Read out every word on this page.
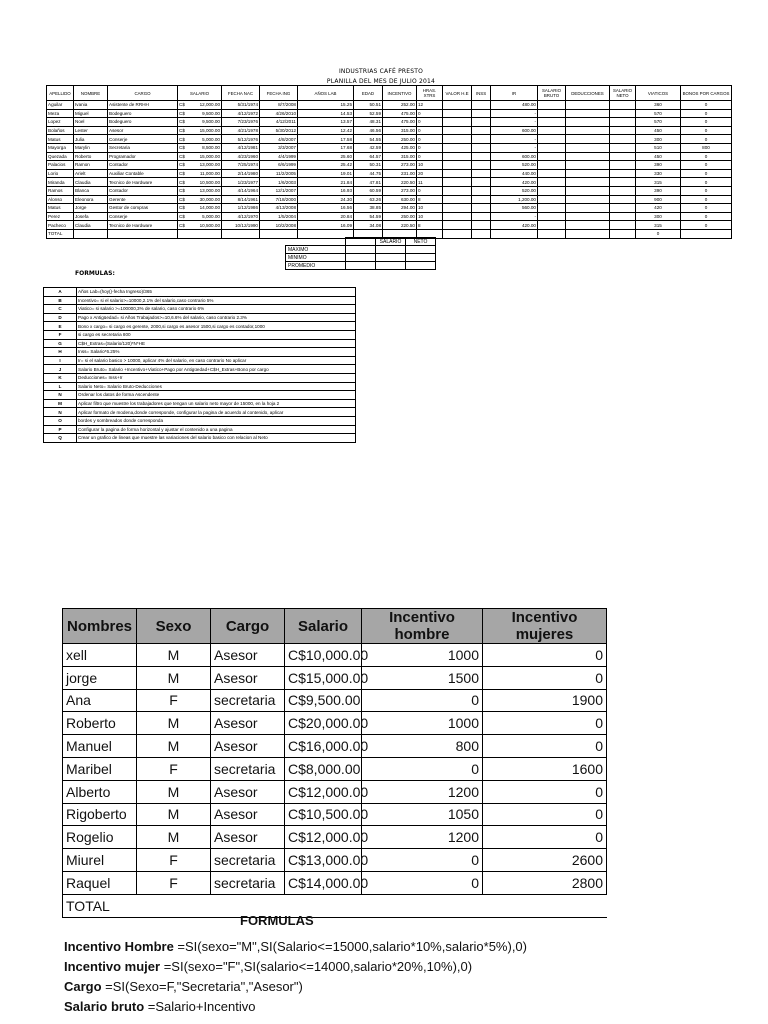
INDUSTRIAS CAFÉ PRESTO
PLANILLA DEL MES DE JULIO 2014
APELLIDO	NOMBRE	CARGO	SALARIO	FECHA NAC	FECHA ING	AÑOS LAB	EDAD	INCENTIVO	HRAS. XTRS	VALOR H.E	INSS	IR	SALARIO BRUTO	DEDUCCIONES	SALARIO NETO	VIATICOS	BONOS POR CARGOS
Aguilar	Ivania	Asistente de RRHH	C$ 12,000.00	5/31/1974	8/7/2008	15.25	50.51	252.00	12			480.00				360	0
Meza	Miguel	Bodeguero	C$ 9,500.00	4/12/1972	4/26/2010	14.53	52.59	475.00	0			-				570	0
Lopez	Noel	Bodeguero	C$ 9,500.00	7/23/1976	4/12/2011	13.57	48.31	475.00	0			-				570	0
Bolaños	Lester	Asesor	C$ 15,000.00	4/21/1978	5/30/2012	12.42	46.56	315.00	0			600.00				450	0
Matus	Julia	Conserje	C$ 5,000.00	5/12/1976	4/8/2007	17.58	54.55	250.00	0			-				300	0
Mayorga	Marylin	Secretaria	C$ 8,500.00	4/12/1981	3/3/2007	17.68	42.59	425.00	0			-				510	800
Quezada	Roberto	Programador	C$ 15,000.00	4/23/1960	4/4/1999	25.60	64.57	315.00	0			600.00				450	0
Palacios	Ramon	Contador	C$ 13,000.00	7/25/1974	6/6/1999	25.42	50.31	273.00	10			520.00				390	0
Lorio	Arielt	Auxiliar Contable	C$ 11,000.00	2/14/1980	11/2/2005	19.01	44.75	231.00	20			440.00				330	0
Miranda	Claudia	Tecnico de Hardware	C$ 10,500.00	1/23/1977	1/6/2003	21.84	47.81	220.50	11			420.00				315	0
Ramos	Blanca	Contador	C$ 13,000.00	4/14/1964	12/1/2007	16.93	60.59	273.00	0			520.00				390	0
Alonso	Eleonora	Gerente	C$ 30,000.00	8/14/1961	7/18/2000	24.30	63.26	630.00	8			1,200.00				900	0
Matus	Jorge	Gestor de compras	C$ 14,000.00	1/12/1986	4/13/2008	16.56	38.85	294.00	10			560.00				420	0
Perez	Josefa	Conserje	C$ 5,000.00	4/12/1970	1/5/2004	20.84	54.59	250.00	10			-				300	0
Pacheco	Claudia	Tecnico de Hardware	C$ 10,500.00	10/12/1990	10/2/2008	16.09	34.08	220.50	8			420.00				315	0
TOTAL																0	
		SALARIO	NETO
MAXIMO			
MINIMO			
PROMEDIO			
FORMULAS:
A	Años Lab=(hoy()-fecha Ingreso)/365
B	Incentivo= si el salario>=10000,2.1% del salario,caso contrario 5%
C	Viatico= si salario >=100000,3% de salario, caso contrario 6%
D	Pago x Antigüedad= si Años Trabajados>=10,6.6% del salario, caso contrario 2.3%
E	Bono x cargo= si cargo es gerente, 2000,si cargo es asesor 1500,si cargo es contador,1000
F	si cargo es secretaria 800
G	C$H_Extras=(Salario/120)*N*HE
H	Inss= Salario*6.25%
I	Ir= si el salario basico > 10000, aplicar 4% del salario, en caso contrario No aplicar
J	Salario Bruto= Salario +Incentivo+Viatico+Pago por Antigüedad+C$H_Extras+Bono por cargo
K	Deducciones= Inss+Ir
L	Salario Neto= Salario Bruto-Deducciones
N	Ordenar los datos de forma Ascendente
M	Aplicar filtro que muestre los trabajadores que tengan un salario neto mayor de 15000, en la hoja 2
N	Aplicar formato de modena,donde corresponde, configurar la pagina de acuerdo al contenido, aplicar
O	bordes y sombreados donde corresponda
P	Configurar la pagina de forma horizontal y ajustar el contenido a una pagina
Q	Crear un grafico de lineas que muestre las variaciones del salario basico con relacion al Neto
Nombres	Sexo	Cargo	Salario	Incentivo hombre	Incentivo mujeres
xell	M	Asesor	C$10,000.00	1000	0
jorge	M	Asesor	C$15,000.00	1500	0
Ana	F	secretaria	C$9,500.00	0	1900
Roberto	M	Asesor	C$20,000.00	1000	0
Manuel	M	Asesor	C$16,000.00	800	0
Maribel	F	secretaria	C$8,000.00	0	1600
Alberto	M	Asesor	C$12,000.00	1200	0
Rigoberto	M	Asesor	C$10,500.00	1050	0
Rogelio	M	Asesor	C$12,000.00	1200	0
Miurel	F	secretaria	C$13,000.00	0	2600
Raquel	F	secretaria	C$14,000.00	0	2800
TOTAL					
FORMULAS
Incentivo Hombre =SI(sexo="M",SI(Salario<=15000,salario*10%,salario*5%),0)
Incentivo mujer =SI(sexo="F",SI(salario<=14000,salario*20%,10%),0)
Cargo =SI(Sexo=F,"Secretaria","Asesor")
Salario bruto =Salario+Incentivo
